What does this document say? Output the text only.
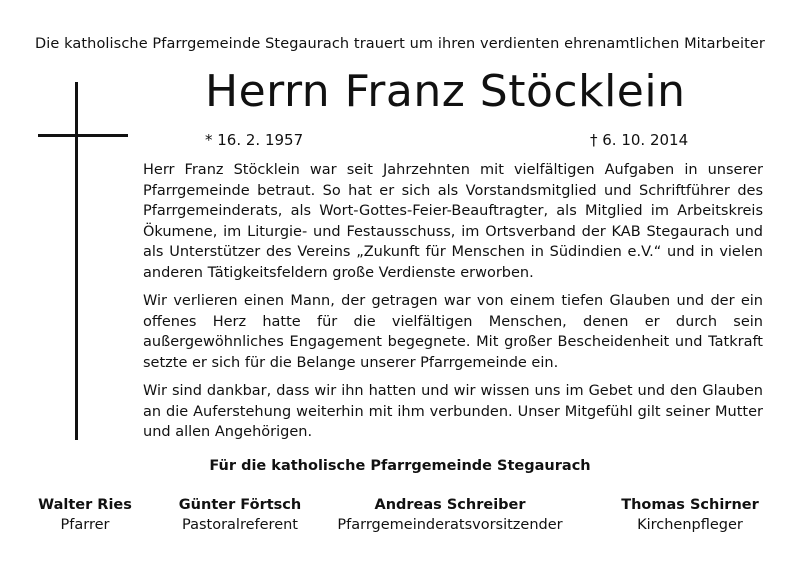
Die katholische Pfarrgemeinde Stegaurach trauert um ihren verdienten ehrenamtlichen Mitarbeiter
Herrn Franz Stöcklein
* 16. 2. 1957	† 6. 10. 2014

Herr Franz Stöcklein war seit Jahrzehnten mit vielfältigen Aufgaben in unserer Pfarrgemeinde betraut. So hat er sich als Vorstandsmitglied und Schriftführer des Pfarrgemeinderats, als Wort-Gottes-Feier-Beauftragter, als Mitglied im Arbeitskreis Ökumene, im Liturgie- und Festausschuss, im Ortsverband der KAB Stegaurach und als Unterstützer des Vereins „Zukunft für Menschen in Südindien e.V.“ und in vielen anderen Tätigkeitsfeldern große Verdienste erworben.

Wir verlieren einen Mann, der getragen war von einem tiefen Glauben und der ein offenes Herz hatte für die vielfältigen Menschen, denen er durch sein außergewöhnliches Engagement begegnete. Mit großer Bescheidenheit und Tatkraft setzte er sich für die Belange unserer Pfarrgemeinde ein.

Wir sind dankbar, dass wir ihn hatten und wir wissen uns im Gebet und den Glauben an die Auferstehung weiterhin mit ihm verbunden. Unser Mitgefühl gilt seiner Mutter und allen Angehörigen.

Für die katholische Pfarrgemeinde Stegaurach
Walter Ries
Pfarrer
Günter Förtsch
Pastoralreferent
Andreas Schreiber
Pfarrgemeinderatsvorsitzender
Thomas Schirner
Kirchenpfleger
